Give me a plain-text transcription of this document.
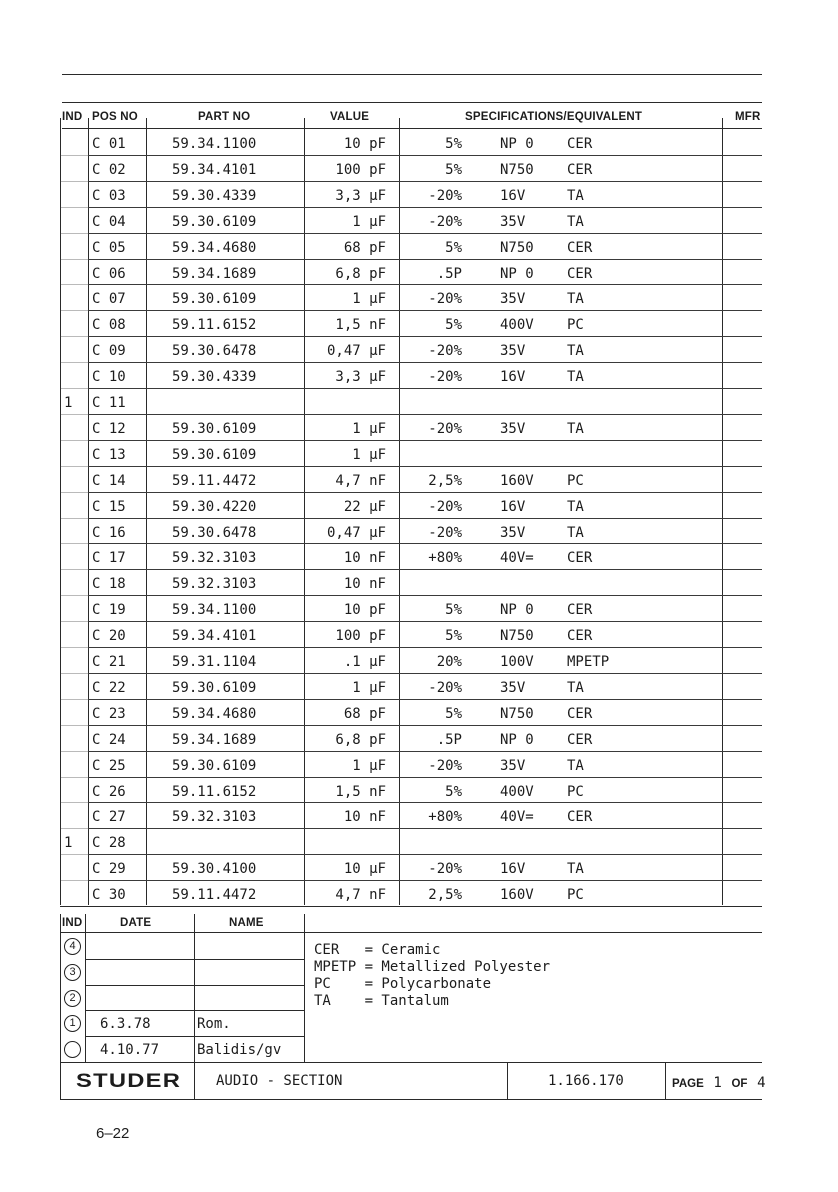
IND POS NO	PART NO	VALUE	SPECIFICATIONS/EQUIVALENT	MFR
C 01	59.34.1100	10 pF	5%	NP 0 CER
C 02	59.34.4101	100 pF	5%	N750 CER
C 03	59.30.4339	3,3 µF	-20%	16V	TA
C 04	59.30.6109	1 µF	-20%	35V	TA
C 05	59.34.4680	68 pF	5%	N750 CER
C 06	59.34.1689	6,8 pF	.5P	NP 0 CER
C 07	59.30.6109	1 µF	-20%	35V	TA
C 08	59.11.6152	1,5 nF	5%	400V PC
C 09	59.30.6478	0,47 µF	-20%	35V	TA
C 10	59.30.4339	3,3 µF	-20%	16V	TA
1 C 11
C 12	59.30.6109	1 µF	-20%	35V	TA
C 13	59.30.6109	1 µF
C 14	59.11.4472	4,7 nF	2,5%	160V PC
C 15	59.30.4220	22 µF	-20%	16V	TA
C 16	59.30.6478	0,47 µF	-20%	35V	TA
C 17	59.32.3103	10 nF	+80%	40V= CER
C 18	59.32.3103	10 nF
C 19	59.34.1100	10 pF	5%	NP 0 CER
C 20	59.34.4101	100 pF	5%	N750 CER
C 21	59.31.1104	.1 µF	20%	100V MPETP
C 22	59.30.6109	1 µF	-20%	35V	TA
C 23	59.34.4680	68 pF	5%	N750 CER
C 24	59.34.1689	6,8 pF	.5P	NP 0 CER
C 25	59.30.6109	1 µF	-20%	35V	TA
C 26	59.11.6152	1,5 nF	5%	400V PC
C 27	59.32.3103	10 nF	+80%	40V= CER
1 C 28
C 29	59.30.4100	10 µF	-20%	16V	TA
C 30	59.11.4472	4,7 nF	2,5%	160V PC
IND	DATE	NAME
4
3
2
1	6.3.78	Rom.
4.10.77	Balidis/gv
CER   = Ceramic
MPETP = Metallized Polyester
PC    = Polycarbonate
TA    = Tantalum
STUDER AUDIO - SECTION	1.166.170	PAGE 1 OF 4
6–22
